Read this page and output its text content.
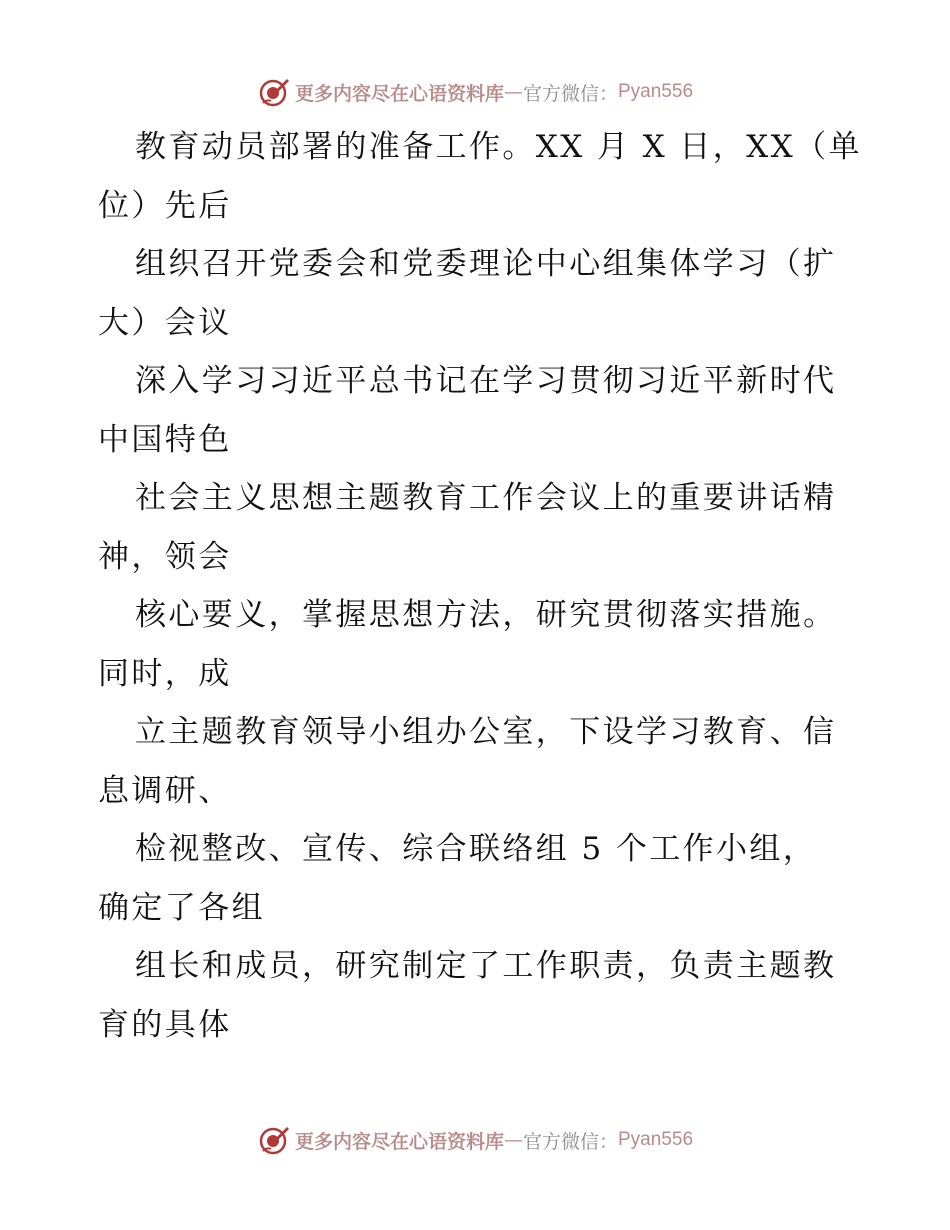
更多内容尽在心语资料库 — 官方微信： Pyan556
教育动员部署的准备工作。XX 月 X 日，XX（单
位）先后
组织召开党委会和党委理论中心组集体学习（扩
大）会议
深入学习习近平总书记在学习贯彻习近平新时代
中国特色
社会主义思想主题教育工作会议上的重要讲话精
神，领会
核心要义，掌握思想方法，研究贯彻落实措施。
同时，成
立主题教育领导小组办公室，下设学习教育、信
息调研、
检视整改、宣传、综合联络组 5 个工作小组，
确定了各组
组长和成员，研究制定了工作职责，负责主题教
育的具体
更多内容尽在心语资料库 — 官方微信： Pyan556
